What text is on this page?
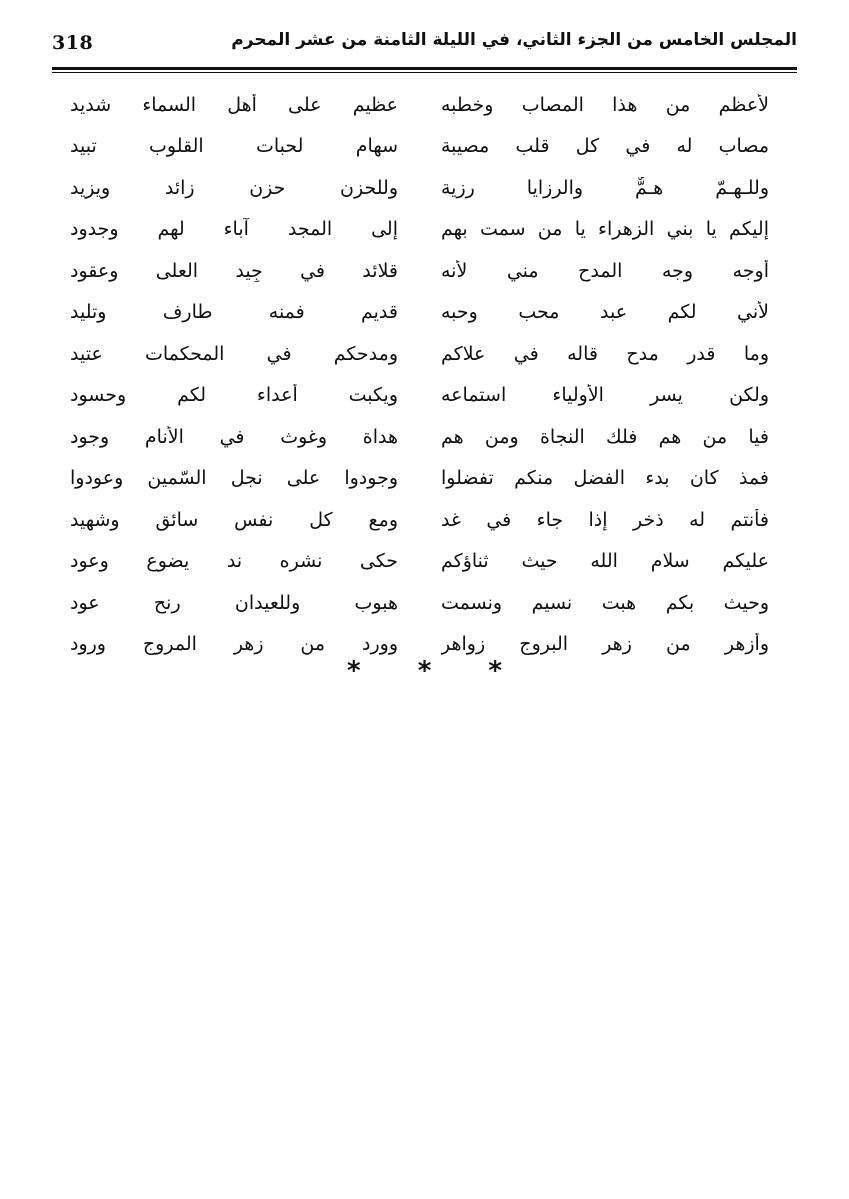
318	المجلس الخامس من الجزء الثاني، في الليلة الثامنة من عشر المحرم
لأعظم من هذا المصاب وخطبه
عظيم على أهل السماء شديد
مصاب له في كل قلب مصيبة
سهام لحبات القلوب تبيد
وللـهـمّ هـمٌّ والرزايا رزية
وللحزن حزن زائد ويزيد
إليكم يا بني الزهراء يا من سمت بهم
إلى المجد آباء لهم وجدود
أوجه وجه المدح مني لأنه
قلائد في جِيد العلى وعقود
لأني لكم عبد محب وحبه
قديم فمنه طارف وتليد
وما قدر مدح قاله في علاكم
ومدحكم في المحكمات عتيد
ولكن يسر الأولياء استماعه
ويكبت أعداء لكم وحسود
فيا من هم فلك النجاة ومن هم
هداة وغوث في الأنام وجود
فمذ كان بدء الفضل منكم تفضلوا
وجودوا على نجل السّمين وعودوا
فأنتم له ذخر إذا جاء في غد
ومع كل نفس سائق وشهيد
عليكم سلام الله حيث ثناؤكم
حكى نشره ند يضوع وعود
وحيث بكم هبت نسيم ونسمت
هبوب وللعيدان رنح عود
وأزهر من زهر البروج زواهر
وورد من زهر المروج ورود
* * *
